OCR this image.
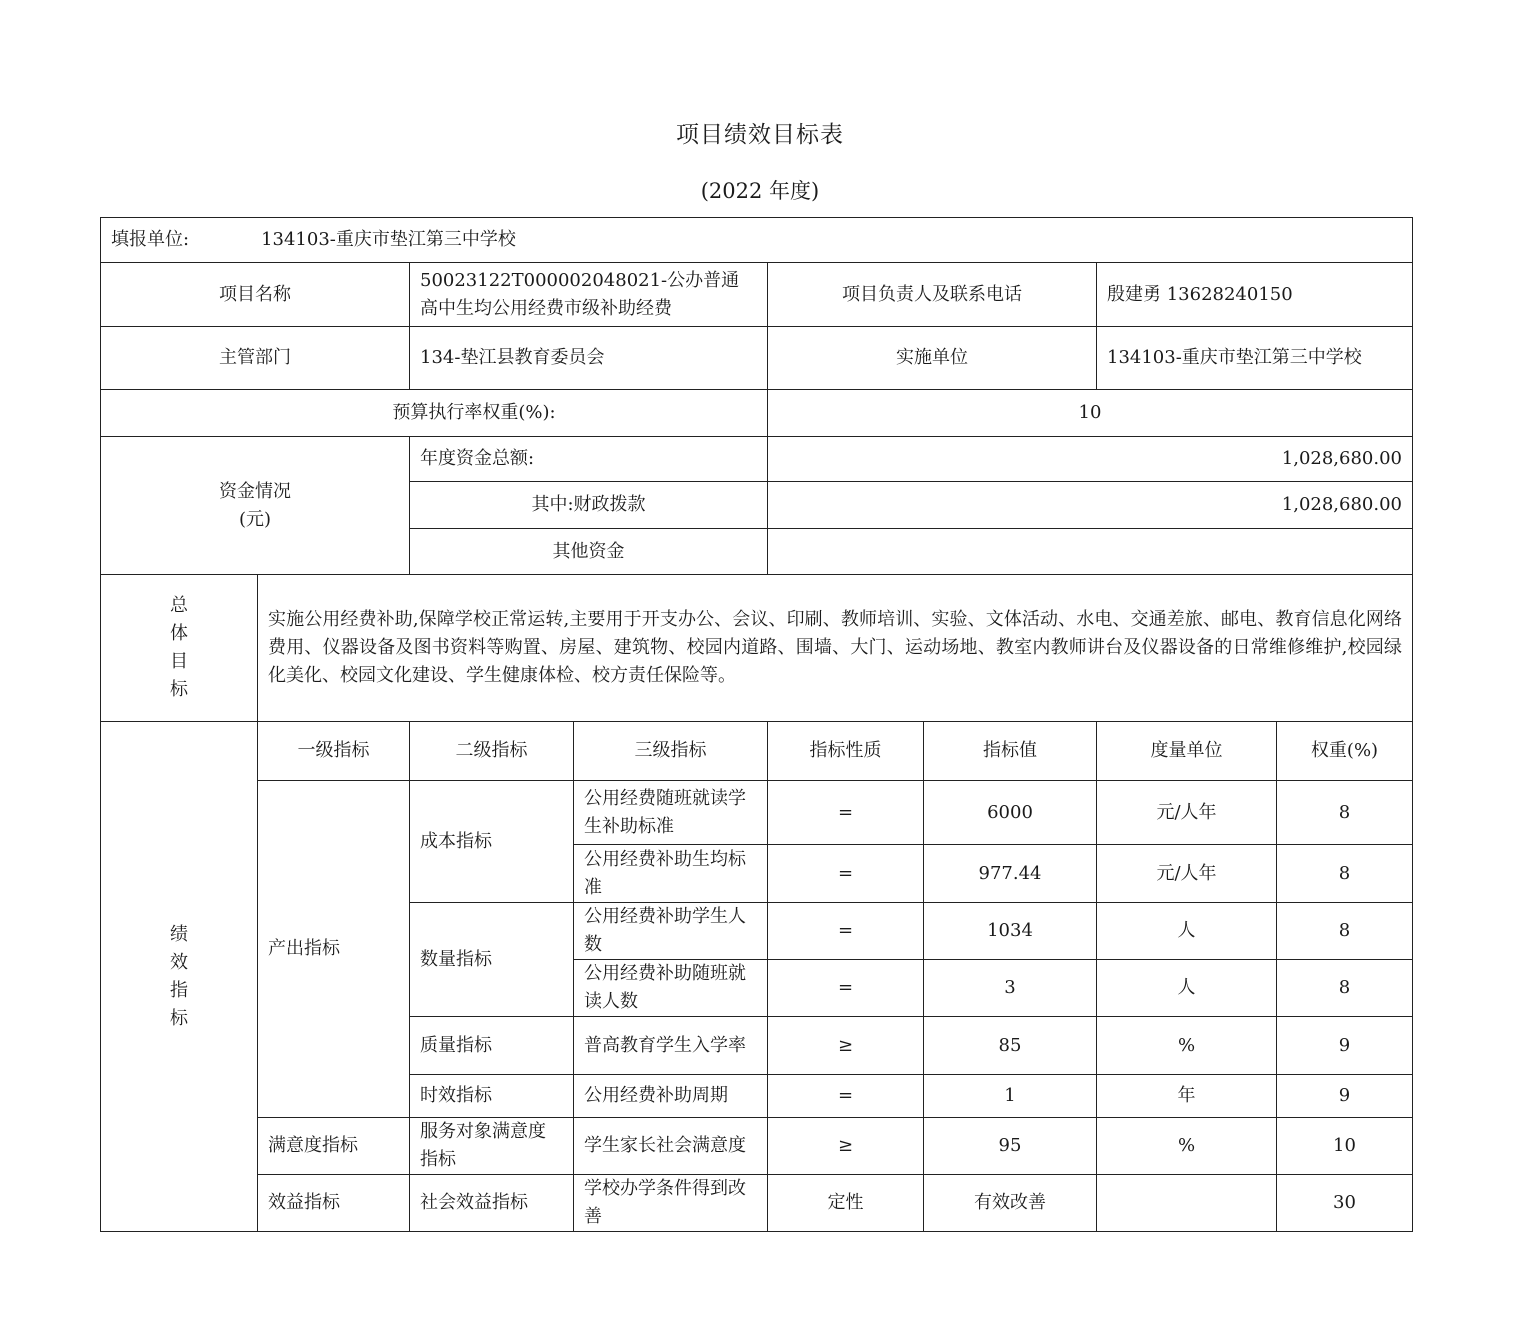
项目绩效目标表
(2022 年度)
填报单位: 134103-重庆市垫江第三中学校							
项目名称		50023122T000002048021-公办普通高中生均公用经费市级补助经费		项目负责人及联系电话		殷建勇 13628240150	
主管部门		134-垫江县教育委员会		实施单位		134103-重庆市垫江第三中学校	
预算执行率权重(%):				10			

资金情况
(元)		年度资金总额:		1,028,680.00			
		其中:财政拨款		1,028,680.00			
		其他资金					

总
体
目
标	实施公用经费补助,保障学校正常运转,主要用于开支办公、会议、印刷、教师培训、实验、文体活动、水电、交通差旅、邮电、教育信息化网络费用、仪器设备及图书资料等购置、房屋、建筑物、校园内道路、围墙、大门、运动场地、教室内教师讲台及仪器设备的日常维修维护,校园绿化美化、校园文化建设、学生健康体检、校方责任保险等。						

绩
效
指
标	一级指标	二级指标	三级指标	指标性质	指标值	度量单位	权重(%)
	产出指标	成本指标	公用经费随班就读学生补助标准	=	6000	元/人年	8
			公用经费补助生均标准	=	977.44	元/人年	8
		数量指标	公用经费补助学生人数	=	1034	人	8
			公用经费补助随班就读人数	=	3	人	8
		质量指标	普高教育学生入学率	≥	85	%	9
		时效指标	公用经费补助周期	=	1	年	9
	满意度指标	服务对象满意度指标	学生家长社会满意度	≥	95	%	10
	效益指标	社会效益指标	学校办学条件得到改善	定性	有效改善		30
